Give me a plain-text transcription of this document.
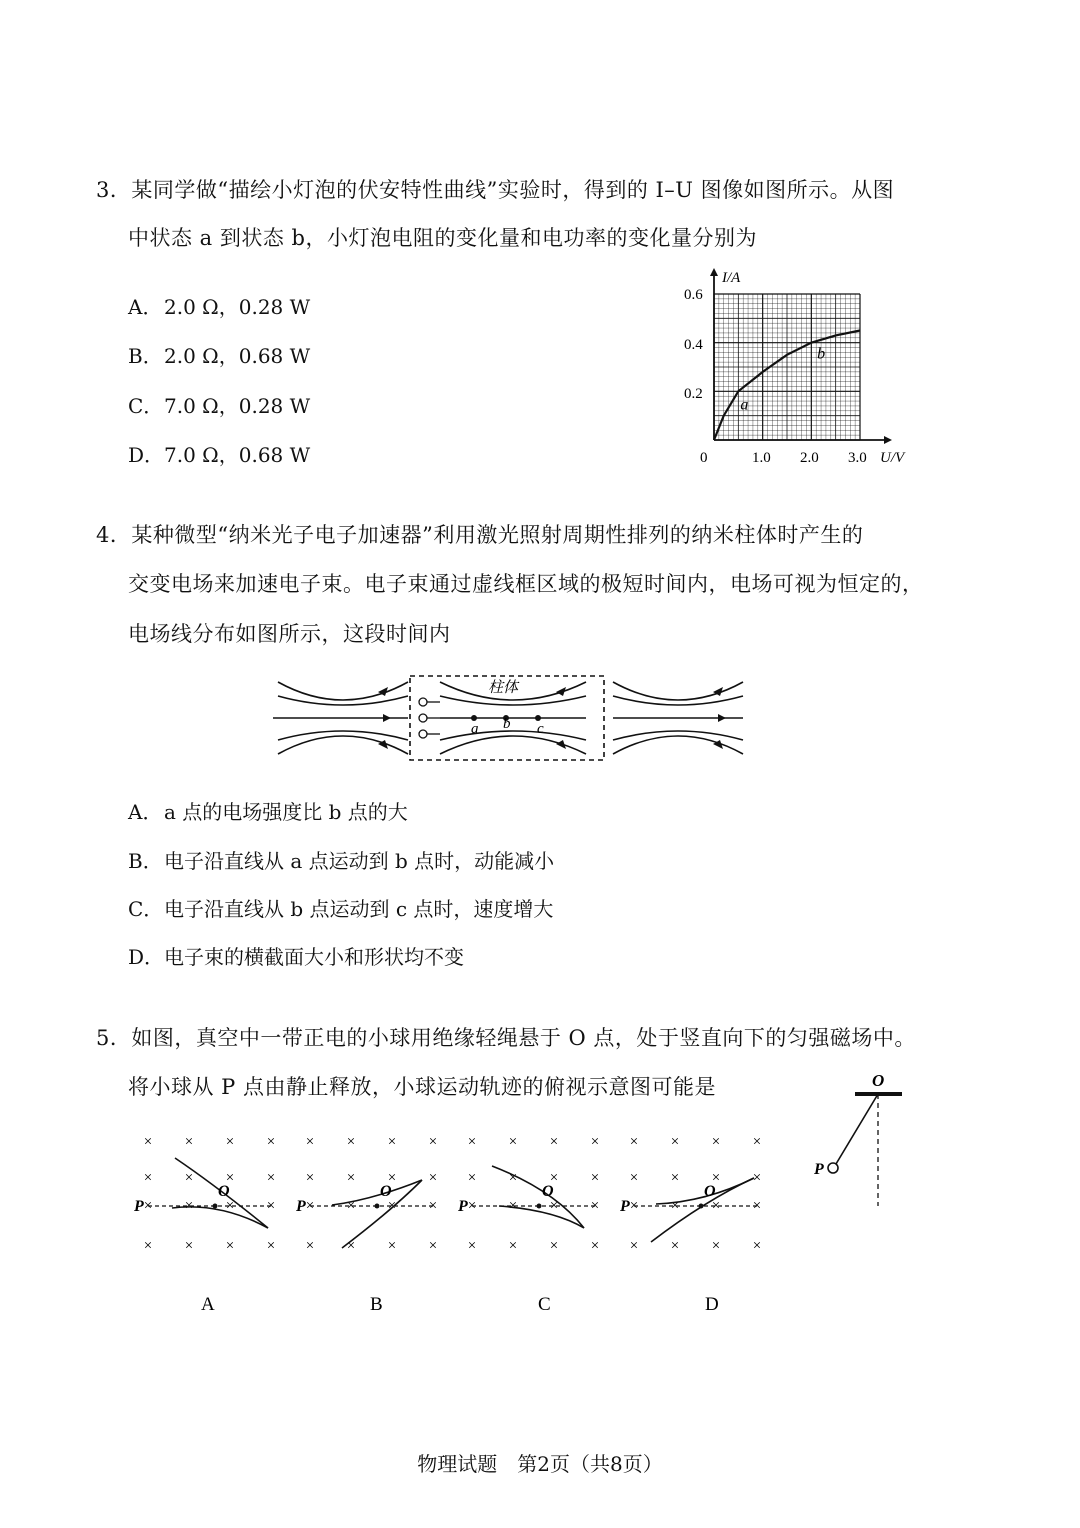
3．某同学做“描绘小灯泡的伏安特性曲线”实验时，得到的 I–U 图像如图所示。从图
中状态 a 到状态 b，小灯泡电阻的变化量和电功率的变化量分别为
A．2.0 Ω，0.28 W
B．2.0 Ω，0.68 W
C．7.0 Ω，0.28 W
D．7.0 Ω，0.68 W
I/A
U/V
0
0.2
0.4
0.6
1.0 2.0 3.0
a
b
4．某种微型“纳米光子电子加速器”利用激光照射周期性排列的纳米柱体时产生的
交变电场来加速电子束。电子束通过虚线框区域的极短时间内，电场可视为恒定的，
电场线分布如图所示，这段时间内
柱体
a b c
A．a 点的电场强度比 b 点的大
B．电子沿直线从 a 点运动到 b 点时，动能减小
C．电子沿直线从 b 点运动到 c 点时，速度增大
D．电子束的横截面大小和形状均不变
5．如图，真空中一带正电的小球用绝缘轻绳悬于 O 点，处于竖直向下的匀强磁场中。
将小球从 P 点由静止释放，小球运动轨迹的俯视示意图可能是	O
P
× × × ×
× × × ×
× × × ×
× × × ×
P
O
× × × ×
× × × ×
× × × ×
× × × ×
P
O
× × × ×
× × × ×
× × × ×
× × × ×
P
O
× × × ×
× × × ×
× × × ×
× × × ×
P
O
A	B	C	D
物理试题　第2页（共8页）
